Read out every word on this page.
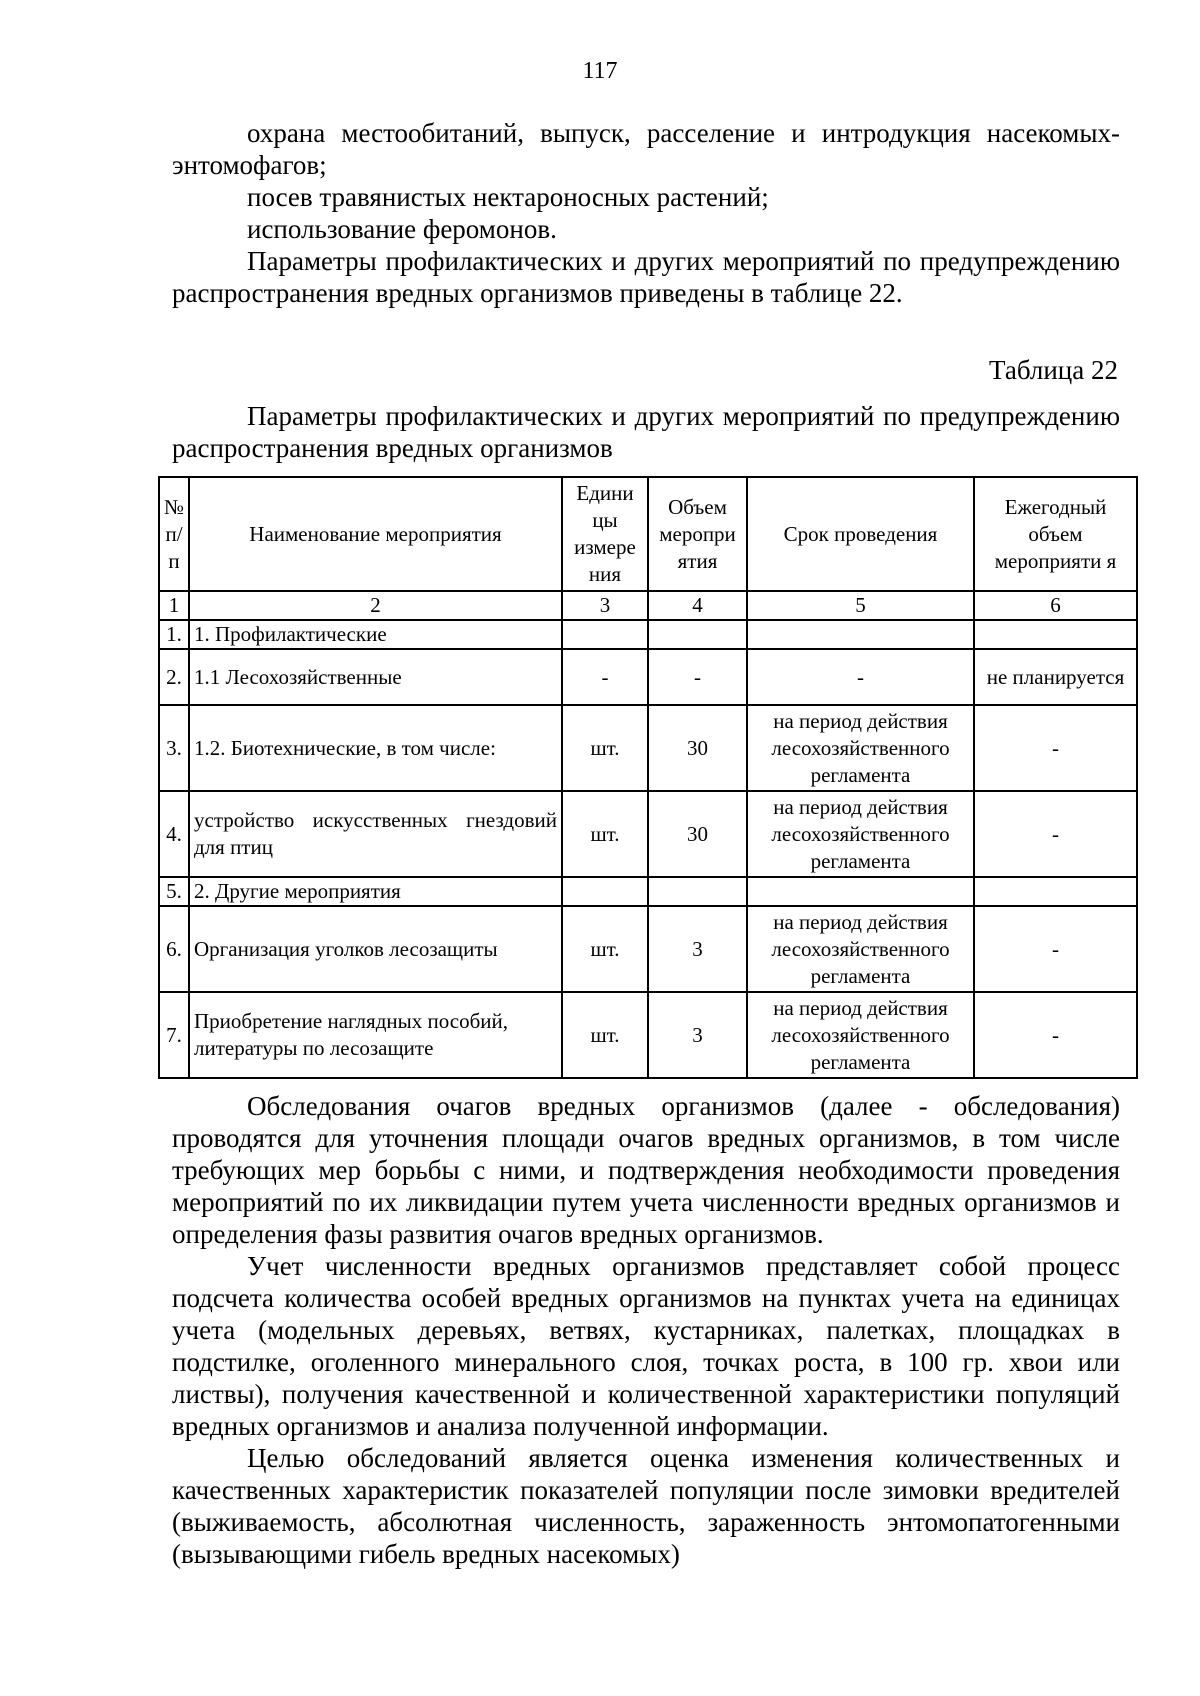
117

охрана местообитаний, выпуск, расселение и интродукция насекомых-энтомофагов;

посев травянистых нектароносных растений;

использование феромонов.

Параметры профилактических и других мероприятий по предупреждению распространения вредных организмов приведены в таблице 22.

Таблица 22

Параметры профилактических и других мероприятий по предупреждению распространения вредных организмов

№ п/п	Наименование мероприятия	Едини цы измере ния	Объем меропри ятия	Срок проведения	Ежегодный объем мероприяти я
1	2	3	4	5	6
1.	1. Профилактические				
2.	1.1 Лесохозяйственные	-	-	-	не планируется
3.	1.2. Биотехнические, в том числе:	шт.	30	на период действия лесохозяйственного регламента	-
4.	устройство искусственных гнездовий для птиц	шт.	30	на период действия лесохозяйственного регламента	-
5.	2. Другие мероприятия				
6.	Организация уголков лесозащиты	шт.	3	на период действия лесохозяйственного регламента	-
7.	Приобретение наглядных пособий, литературы по лесозащите	шт.	3	на период действия лесохозяйственного регламента	-

Обследования очагов вредных организмов (далее - обследования) проводятся для уточнения площади очагов вредных организмов, в том числе требующих мер борьбы с ними, и подтверждения необходимости проведения мероприятий по их ликвидации путем учета численности вредных организмов и определения фазы развития очагов вредных организмов.

Учет численности вредных организмов представляет собой процесс подсчета количества особей вредных организмов на пунктах учета на единицах учета (модельных деревьях, ветвях, кустарниках, палетках, площадках в подстилке, оголенного минерального слоя, точках роста, в 100 гр. хвои или листвы), получения качественной и количественной характеристики популяций вредных организмов и анализа полученной информации.

Целью обследований является оценка изменения количественных и качественных характеристик показателей популяции после зимовки вредителей (выживаемость, абсолютная численность, зараженность энтомопатогенными (вызывающими гибель вредных насекомых)
